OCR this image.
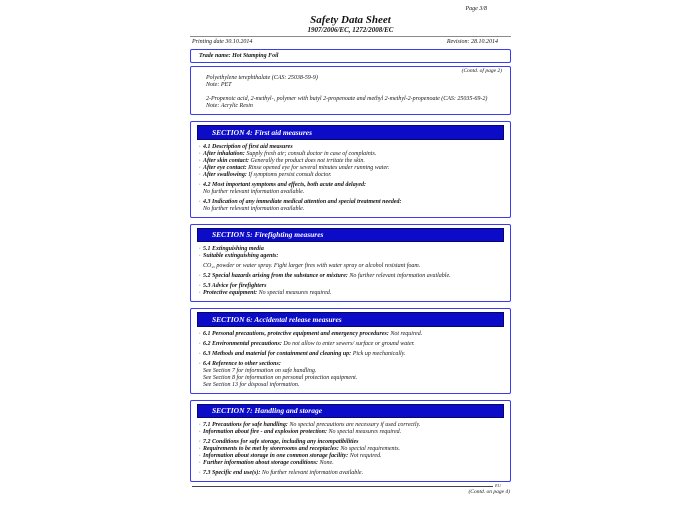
Page 3/8
Safety Data Sheet
1907/2006/EC, 1272/2008/EC
Printing date 30.10.2014	Revision: 28.10.2014
Trade name: Hot Stamping Foil
(Contd. of page 2)
Polyethylene terephthalate (CAS: 25038-59-9)
Note: PET
2-Propenoic acid, 2-methyl-, polymer with butyl 2-propenoate and methyl 2-methyl-2-propenoate (CAS: 25035-69-2)
Note: Acrylic Resin
SECTION 4: First aid measures
· 4.1 Description of first aid measures
· After inhalation: Supply fresh air; consult doctor in case of complaints.
· After skin contact: Generally the product does not irritate the skin.
· After eye contact: Rinse opened eye for several minutes under running water.
· After swallowing: If symptoms persist consult doctor.
· 4.2 Most important symptoms and effects, both acute and delayed:
No further relevant information available.
· 4.3 Indication of any immediate medical attention and special treatment needed:
No further relevant information available.
SECTION 5: Firefighting measures
· 5.1 Extinguishing media
· Suitable extinguishing agents:
CO₂, powder or water spray. Fight larger fires with water spray or alcohol resistant foam.
· 5.2 Special hazards arising from the substance or mixture: No further relevant information available.
· 5.3 Advice for firefighters
· Protective equipment: No special measures required.
SECTION 6: Accidental release measures
· 6.1 Personal precautions, protective equipment and emergency procedures: Not required.
· 6.2 Environmental precautions: Do not allow to enter sewers/ surface or ground water.
· 6.3 Methods and material for containment and cleaning up: Pick up mechanically.
· 6.4 Reference to other sections:
See Section 7 for information on safe handling.
See Section 8 for information on personal protection equipment.
See Section 13 for disposal information.
SECTION 7: Handling and storage
· 7.1 Precautions for safe handling: No special precautions are necessary if used correctly.
· Information about fire - and explosion protection: No special measures required.
· 7.2 Conditions for safe storage, including any incompatibilities
· Requirements to be met by storerooms and receptacles: No special requirements.
· Information about storage in one common storage facility: Not required.
· Further information about storage conditions: None.
· 7.3 Specific end use(s): No further relevant information available.
EU
(Contd. on page 4)
